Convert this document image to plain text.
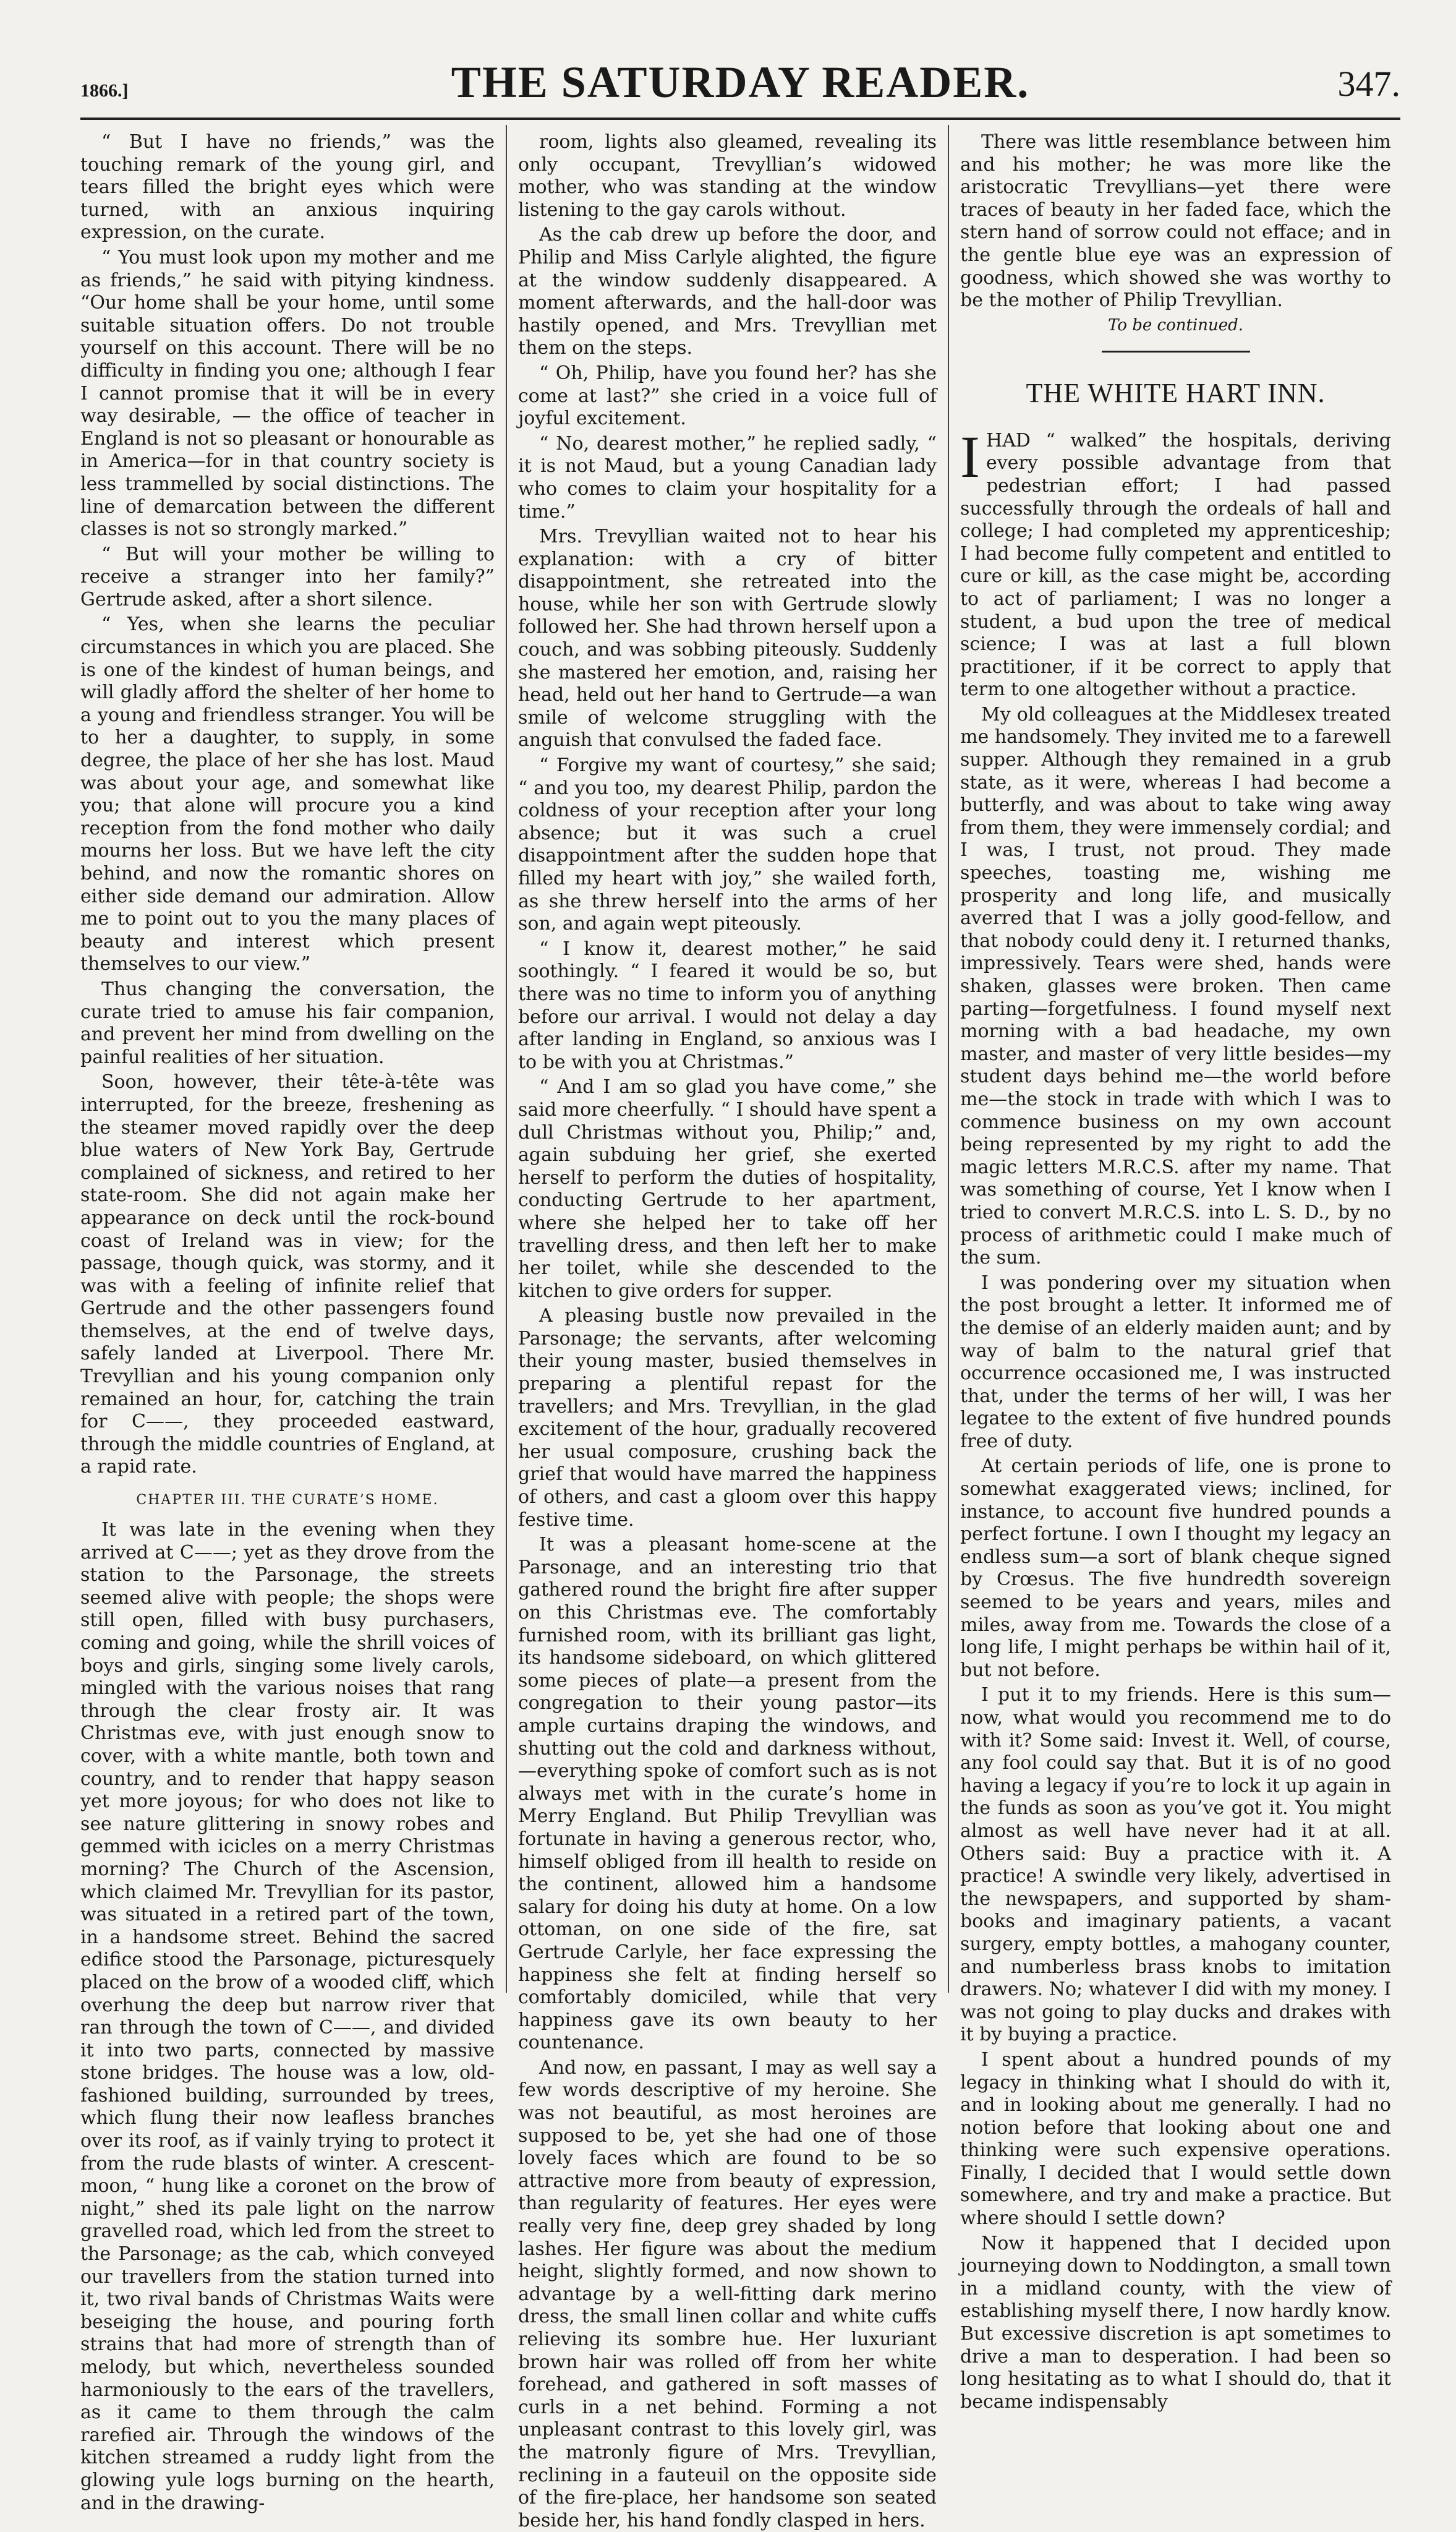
1866.]	THE SATURDAY READER.	347.

“ But I have no friends,” was the touching remark of the young girl, and tears filled the bright eyes which were turned, with an anxious inquiring expression, on the curate.

“ You must look upon my mother and me as friends,” he said with pitying kindness. “Our home shall be your home, until some suitable situation offers. Do not trouble yourself on this account. There will be no difficulty in finding you one; although I fear I cannot promise that it will be in every way desirable, — the office of teacher in England is not so pleasant or honourable as in America—for in that country society is less trammelled by social distinctions. The line of demarcation between the different classes is not so strongly marked.”

“ But will your mother be willing to receive a stranger into her family?” Gertrude asked, after a short silence.

“ Yes, when she learns the peculiar circumstances in which you are placed. She is one of the kindest of human beings, and will gladly afford the shelter of her home to a young and friendless stranger. You will be to her a daughter, to supply, in some degree, the place of her she has lost. Maud was about your age, and somewhat like you; that alone will procure you a kind reception from the fond mother who daily mourns her loss. But we have left the city behind, and now the romantic shores on either side demand our admiration. Allow me to point out to you the many places of beauty and interest which present themselves to our view.”

Thus changing the conversation, the curate tried to amuse his fair companion, and prevent her mind from dwelling on the painful realities of her situation.

Soon, however, their tête-à-tête was interrupted, for the breeze, freshening as the steamer moved rapidly over the deep blue waters of New York Bay, Gertrude complained of sickness, and retired to her state-room. She did not again make her appearance on deck until the rock-bound coast of Ireland was in view; for the passage, though quick, was stormy, and it was with a feeling of infinite relief that Gertrude and the other passengers found themselves, at the end of twelve days, safely landed at Liverpool. There Mr. Trevyllian and his young companion only remained an hour, for, catching the train for C——, they proceeded eastward, through the middle countries of England, at a rapid rate.

CHAPTER III. THE CURATE’S HOME.

It was late in the evening when they arrived at C——; yet as they drove from the station to the Parsonage, the streets seemed alive with people; the shops were still open, filled with busy purchasers, coming and going, while the shrill voices of boys and girls, singing some lively carols, mingled with the various noises that rang through the clear frosty air. It was Christmas eve, with just enough snow to cover, with a white mantle, both town and country, and to render that happy season yet more joyous; for who does not like to see nature glittering in snowy robes and gemmed with icicles on a merry Christmas morning? The Church of the Ascension, which claimed Mr. Trevyllian for its pastor, was situated in a retired part of the town, in a handsome street. Behind the sacred edifice stood the Parsonage, picturesquely placed on the brow of a wooded cliff, which overhung the deep but narrow river that ran through the town of C——, and divided it into two parts, connected by massive stone bridges. The house was a low, old-fashioned building, surrounded by trees, which flung their now leafless branches over its roof, as if vainly trying to protect it from the rude blasts of winter. A crescent-moon, “ hung like a coronet on the brow of night,” shed its pale light on the narrow gravelled road, which led from the street to the Parsonage; as the cab, which conveyed our travellers from the station turned into it, two rival bands of Christmas Waits were beseiging the house, and pouring forth strains that had more of strength than of melody, but which, nevertheless sounded harmoniously to the ears of the travellers, as it came to them through the calm rarefied air. Through the windows of the kitchen streamed a ruddy light from the glowing yule logs burning on the hearth, and in the drawing-

room, lights also gleamed, revealing its only occupant, Trevyllian’s widowed mother, who was standing at the window listening to the gay carols without.

As the cab drew up before the door, and Philip and Miss Carlyle alighted, the figure at the window suddenly disappeared. A moment afterwards, and the hall-door was hastily opened, and Mrs. Trevyllian met them on the steps.

“ Oh, Philip, have you found her? has she come at last?” she cried in a voice full of joyful excitement.

“ No, dearest mother,” he replied sadly, “ it is not Maud, but a young Canadian lady who comes to claim your hospitality for a time.”

Mrs. Trevyllian waited not to hear his explanation: with a cry of bitter disappointment, she retreated into the house, while her son with Gertrude slowly followed her. She had thrown herself upon a couch, and was sobbing piteously. Suddenly she mastered her emotion, and, raising her head, held out her hand to Gertrude—a wan smile of welcome struggling with the anguish that convulsed the faded face.

“ Forgive my want of courtesy,” she said; “ and you too, my dearest Philip, pardon the coldness of your reception after your long absence; but it was such a cruel disappointment after the sudden hope that filled my heart with joy,” she wailed forth, as she threw herself into the arms of her son, and again wept piteously.

“ I know it, dearest mother,” he said soothingly. “ I feared it would be so, but there was no time to inform you of anything before our arrival. I would not delay a day after landing in England, so anxious was I to be with you at Christmas.”

“ And I am so glad you have come,” she said more cheerfully. “ I should have spent a dull Christmas without you, Philip;” and, again subduing her grief, she exerted herself to perform the duties of hospitality, conducting Gertrude to her apartment, where she helped her to take off her travelling dress, and then left her to make her toilet, while she descended to the kitchen to give orders for supper.

A pleasing bustle now prevailed in the Parsonage; the servants, after welcoming their young master, busied themselves in preparing a plentiful repast for the travellers; and Mrs. Trevyllian, in the glad excitement of the hour, gradually recovered her usual composure, crushing back the grief that would have marred the happiness of others, and cast a gloom over this happy festive time.

It was a pleasant home-scene at the Parsonage, and an interesting trio that gathered round the bright fire after supper on this Christmas eve. The comfortably furnished room, with its brilliant gas light, its handsome sideboard, on which glittered some pieces of plate—a present from the congregation to their young pastor—its ample curtains draping the windows, and shutting out the cold and darkness without,—everything spoke of comfort such as is not always met with in the curate’s home in Merry England. But Philip Trevyllian was fortunate in having a generous rector, who, himself obliged from ill health to reside on the continent, allowed him a handsome salary for doing his duty at home. On a low ottoman, on one side of the fire, sat Gertrude Carlyle, her face expressing the happiness she felt at finding herself so comfortably domiciled, while that very happiness gave its own beauty to her countenance.

And now, en passant, I may as well say a few words descriptive of my heroine. She was not beautiful, as most heroines are supposed to be, yet she had one of those lovely faces which are found to be so attractive more from beauty of expression, than regularity of features. Her eyes were really very fine, deep grey shaded by long lashes. Her figure was about the medium height, slightly formed, and now shown to advantage by a well-fitting dark merino dress, the small linen collar and white cuffs relieving its sombre hue. Her luxuriant brown hair was rolled off from her white forehead, and gathered in soft masses of curls in a net behind. Forming a not unpleasant contrast to this lovely girl, was the matronly figure of Mrs. Trevyllian, reclining in a fauteuil on the opposite side of the fire-place, her handsome son seated beside her, his hand fondly clasped in hers.

There was little resemblance between him and his mother; he was more like the aristocratic Trevyllians—yet there were traces of beauty in her faded face, which the stern hand of sorrow could not efface; and in the gentle blue eye was an expression of goodness, which showed she was worthy to be the mother of Philip Trevyllian.

To be continued.
THE WHITE HART INN.

IHAD “ walked” the hospitals, deriving every possible advantage from that pedestrian effort; I had passed successfully through the ordeals of hall and college; I had completed my apprenticeship; I had become fully competent and entitled to cure or kill, as the case might be, according to act of parliament; I was no longer a student, a bud upon the tree of medical science; I was at last a full blown practitioner, if it be correct to apply that term to one altogether without a practice.

My old colleagues at the Middlesex treated me handsomely. They invited me to a farewell supper. Although they remained in a grub state, as it were, whereas I had become a butterfly, and was about to take wing away from them, they were immensely cordial; and I was, I trust, not proud. They made speeches, toasting me, wishing me prosperity and long life, and musically averred that I was a jolly good-fellow, and that nobody could deny it. I returned thanks, impressively. Tears were shed, hands were shaken, glasses were broken. Then came parting—forgetfulness. I found myself next morning with a bad headache, my own master, and master of very little besides—my student days behind me—the world before me—the stock in trade with which I was to commence business on my own account being represented by my right to add the magic letters M.R.C.S. after my name. That was something of course, Yet I know when I tried to convert M.R.C.S. into L. S. D., by no process of arithmetic could I make much of the sum.

I was pondering over my situation when the post brought a letter. It informed me of the demise of an elderly maiden aunt; and by way of balm to the natural grief that occurrence occasioned me, I was instructed that, under the terms of her will, I was her legatee to the extent of five hundred pounds free of duty.

At certain periods of life, one is prone to somewhat exaggerated views; inclined, for instance, to account five hundred pounds a perfect fortune. I own I thought my legacy an endless sum—a sort of blank cheque signed by Crœsus. The five hundredth sovereign seemed to be years and years, miles and miles, away from me. Towards the close of a long life, I might perhaps be within hail of it, but not before.

I put it to my friends. Here is this sum—now, what would you recommend me to do with it? Some said: Invest it. Well, of course, any fool could say that. But it is of no good having a legacy if you’re to lock it up again in the funds as soon as you’ve got it. You might almost as well have never had it at all. Others said: Buy a practice with it. A practice! A swindle very likely, advertised in the newspapers, and supported by sham-books and imaginary patients, a vacant surgery, empty bottles, a mahogany counter, and numberless brass knobs to imitation drawers. No; whatever I did with my money. I was not going to play ducks and drakes with it by buying a practice.

I spent about a hundred pounds of my legacy in thinking what I should do with it, and in looking about me generally. I had no notion before that looking about one and thinking were such expensive operations. Finally, I decided that I would settle down somewhere, and try and make a practice. But where should I settle down?

Now it happened that I decided upon journeying down to Noddington, a small town in a midland county, with the view of establishing myself there, I now hardly know. But excessive discretion is apt sometimes to drive a man to desperation. I had been so long hesitating as to what I should do, that it became indispensably
